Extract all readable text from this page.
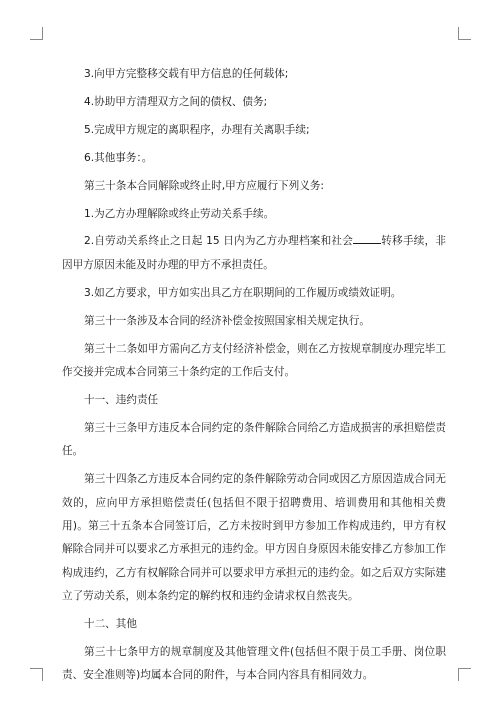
3.向甲方完整移交载有甲方信息的任何载体;

4.协助甲方清理双方之间的债权、债务;

5.完成甲方规定的离职程序，办理有关离职手续;

6.其他事务：。

第三十条本合同解除或终止时,甲方应履行下列义务:

1.为乙方办理解除或终止劳动关系手续。

2.自劳动关系终止之日起 15 日内为乙方办理档案和社会	转移手续，非因甲方原因未能及时办理的甲方不承担责任。

3.如乙方要求，甲方如实出具乙方在职期间的工作履历或绩效证明。

第三十一条涉及本合同的经济补偿金按照国家相关规定执行。

第三十二条如甲方需向乙方支付经济补偿金，则在乙方按规章制度办理完毕工作交接并完成本合同第三十条约定的工作后支付。

十一、违约责任

第三十三条甲方违反本合同约定的条件解除合同给乙方造成损害的承担赔偿责任。

第三十四条乙方违反本合同约定的条件解除劳动合同或因乙方原因造成合同无效的，应向甲方承担赔偿责任(包括但不限于招聘费用、培训费用和其他相关费 用)。第三十五条本合同签订后，乙方未按时到甲方参加工作构成违约，甲方有权解除合同并可以要求乙方承担元的违约金。甲方因自身原因未能安排乙方参加工作 构成违约，乙方有权解除合同并可以要求甲方承担元的违约金。如之后双方实际建立了劳动关系，则本条约定的解约权和违约金请求权自然丧失。

十二、其他

第三十七条甲方的规章制度及其他管理文件(包括但不限于员工手册、岗位职责、安全准则等)均属本合同的附件，与本合同内容具有相同效力。
